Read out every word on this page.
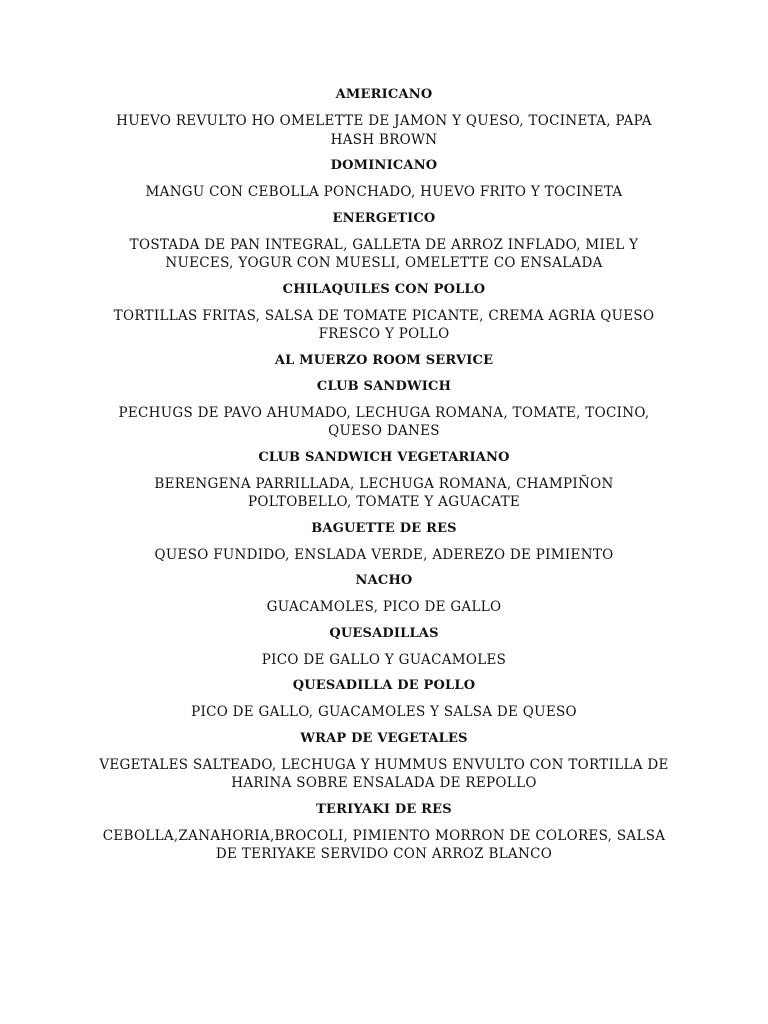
AMERICANO
HUEVO REVULTO HO OMELETTE DE JAMON Y QUESO, TOCINETA, PAPA HASH BROWN
DOMINICANO
MANGU CON CEBOLLA PONCHADO, HUEVO FRITO Y TOCINETA
ENERGETICO
TOSTADA DE PAN INTEGRAL, GALLETA DE ARROZ INFLADO, MIEL Y NUECES, YOGUR CON MUESLI, OMELETTE CO ENSALADA
CHILAQUILES CON POLLO
TORTILLAS FRITAS, SALSA DE TOMATE PICANTE, CREMA AGRIA QUESO FRESCO Y POLLO
AL MUERZO ROOM SERVICE
CLUB SANDWICH
PECHUGS DE PAVO AHUMADO, LECHUGA ROMANA, TOMATE, TOCINO, QUESO DANES
CLUB SANDWICH VEGETARIANO
BERENGENA PARRILLADA, LECHUGA ROMANA, CHAMPIÑON POLTOBELLO, TOMATE Y AGUACATE
BAGUETTE DE RES
QUESO FUNDIDO, ENSLADA VERDE, ADEREZO DE PIMIENTO
NACHO
GUACAMOLES, PICO DE GALLO
QUESADILLAS
PICO DE GALLO Y GUACAMOLES
QUESADILLA DE POLLO
PICO DE GALLO, GUACAMOLES Y SALSA DE QUESO
WRAP DE VEGETALES
VEGETALES SALTEADO, LECHUGA Y HUMMUS ENVULTO CON TORTILLA DE HARINA SOBRE ENSALADA DE REPOLLO
TERIYAKI DE RES
CEBOLLA,ZANAHORIA,BROCOLI, PIMIENTO MORRON DE COLORES, SALSA DE TERIYAKE SERVIDO CON ARROZ BLANCO
